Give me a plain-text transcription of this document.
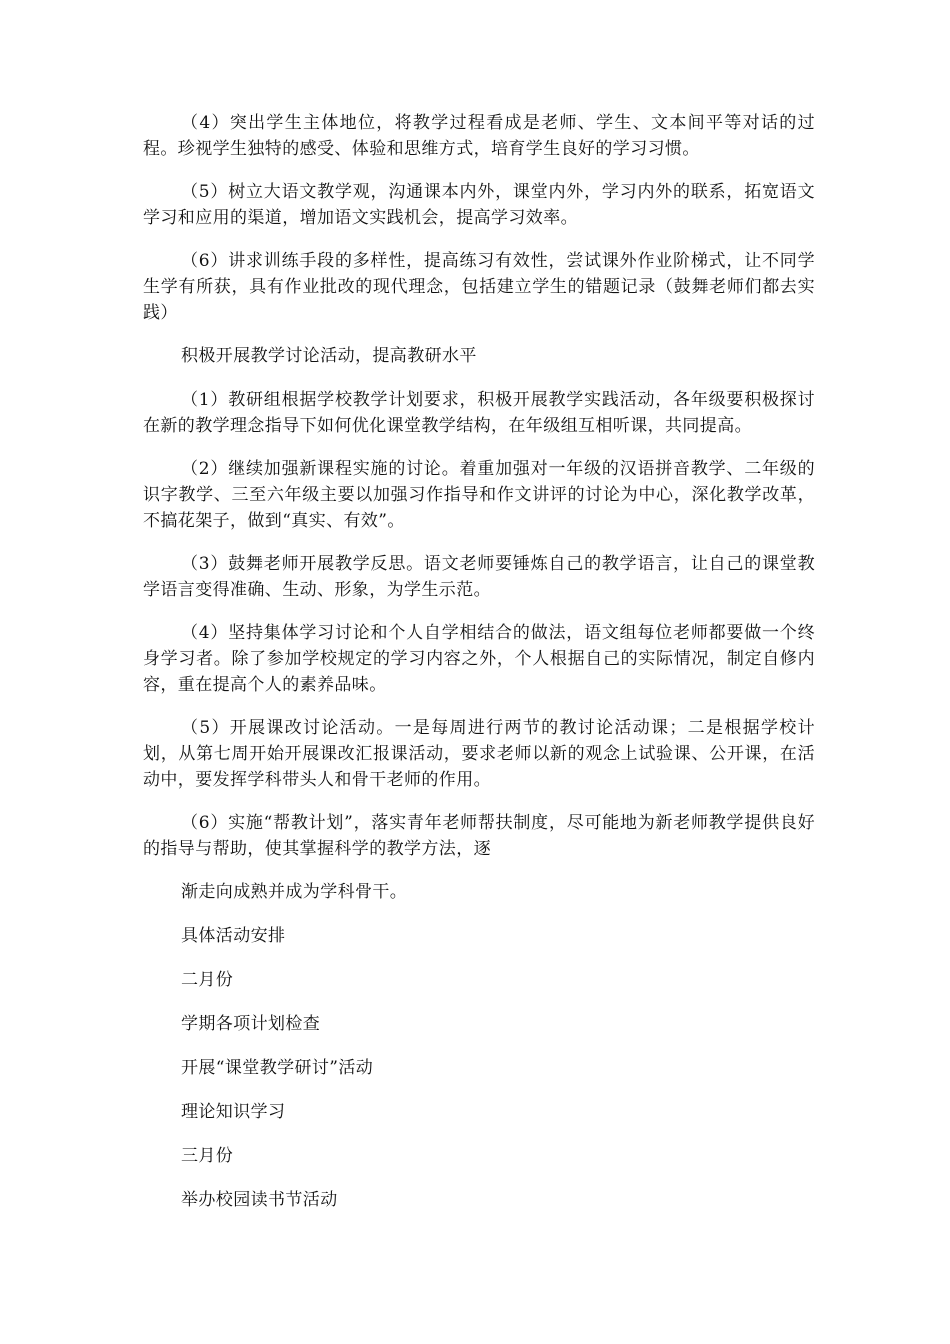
（4）突出学生主体地位，将教学过程看成是老师、学生、文本间平等对话的过程。珍视学生独特的感受、体验和思维方式，培育学生良好的学习习惯。

（5）树立大语文教学观，沟通课本内外，课堂内外，学习内外的联系，拓宽语文学习和应用的渠道，增加语文实践机会，提高学习效率。

（6）讲求训练手段的多样性，提高练习有效性，尝试课外作业阶梯式，让不同学生学有所获，具有作业批改的现代理念，包括建立学生的错题记录（鼓舞老师们都去实践）

积极开展教学讨论活动，提高教研水平

（1）教研组根据学校教学计划要求，积极开展教学实践活动，各年级要积极探讨在新的教学理念指导下如何优化课堂教学结构，在年级组互相听课，共同提高。

（2）继续加强新课程实施的讨论。着重加强对一年级的汉语拼音教学、二年级的识字教学、三至六年级主要以加强习作指导和作文讲评的讨论为中心，深化教学改革，不搞花架子，做到“真实、有效”。

（3）鼓舞老师开展教学反思。语文老师要锤炼自己的教学语言，让自己的课堂教学语言变得准确、生动、形象，为学生示范。

（4）坚持集体学习讨论和个人自学相结合的做法，语文组每位老师都要做一个终身学习者。除了参加学校规定的学习内容之外，个人根据自己的实际情况，制定自修内容，重在提高个人的素养品味。

（5）开展课改讨论活动。一是每周进行两节的教讨论活动课；二是根据学校计划，从第七周开始开展课改汇报课活动，要求老师以新的观念上试验课、公开课，在活动中，要发挥学科带头人和骨干老师的作用。

（6）实施“帮教计划”，落实青年老师帮扶制度，尽可能地为新老师教学提供良好的指导与帮助，使其掌握科学的教学方法，逐

渐走向成熟并成为学科骨干。

具体活动安排

二月份

学期各项计划检查

开展“课堂教学研讨”活动

理论知识学习

三月份

举办校园读书节活动
